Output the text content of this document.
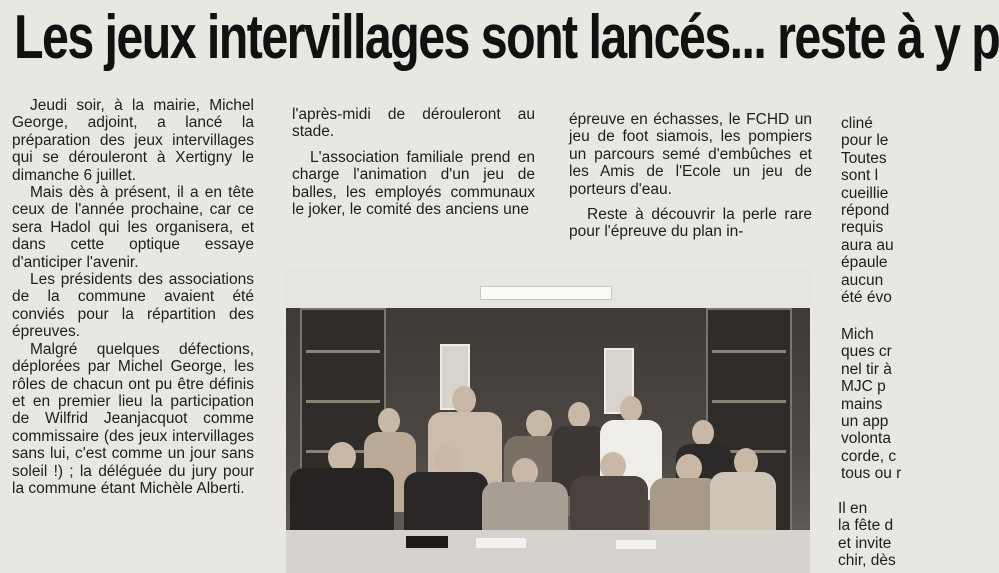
Les jeux intervillages sont lancés... reste à y p

Jeudi soir, à la mairie, Michel George, adjoint, a lancé la préparation des jeux intervillages qui se dérouleront à Xertigny le dimanche 6 juillet.

Mais dès à présent, il a en tête ceux de l'année prochaine, car ce sera Hadol qui les organisera, et dans cette optique essaye d'anticiper l'avenir.

Les présidents des associations de la commune avaient été conviés pour la répartition des épreuves.

Malgré quelques défections, déplorées par Michel George, les rôles de chacun ont pu être définis et en premier lieu la participation de Wilfrid Jeanjacquot comme commissaire (des jeux intervillages sans lui, c'est comme un jour sans soleil !) ; la déléguée du jury pour la commune étant Michèle Alberti.

l'après-midi de dérouleront au stade.

L'association familiale prend en charge l'animation d'un jeu de balles, les employés communaux le joker, le comité des anciens une

épreuve en échasses, le FCHD un jeu de foot siamois, les pompiers un parcours semé d'embûches et les Amis de l'Ecole un jeu de porteurs d'eau.

Reste à découvrir la perle rare pour l'épreuve du plan in-

cliné
pour le
Toutes
sont l
cueillie
répond
requis
aura au
épaule
aucun
été évo
Mich
ques cr
nel tir à
MJC p
mains
un app
volonta
corde, c
tous ou r
Il en
la fête d
et invite
chir, dès
